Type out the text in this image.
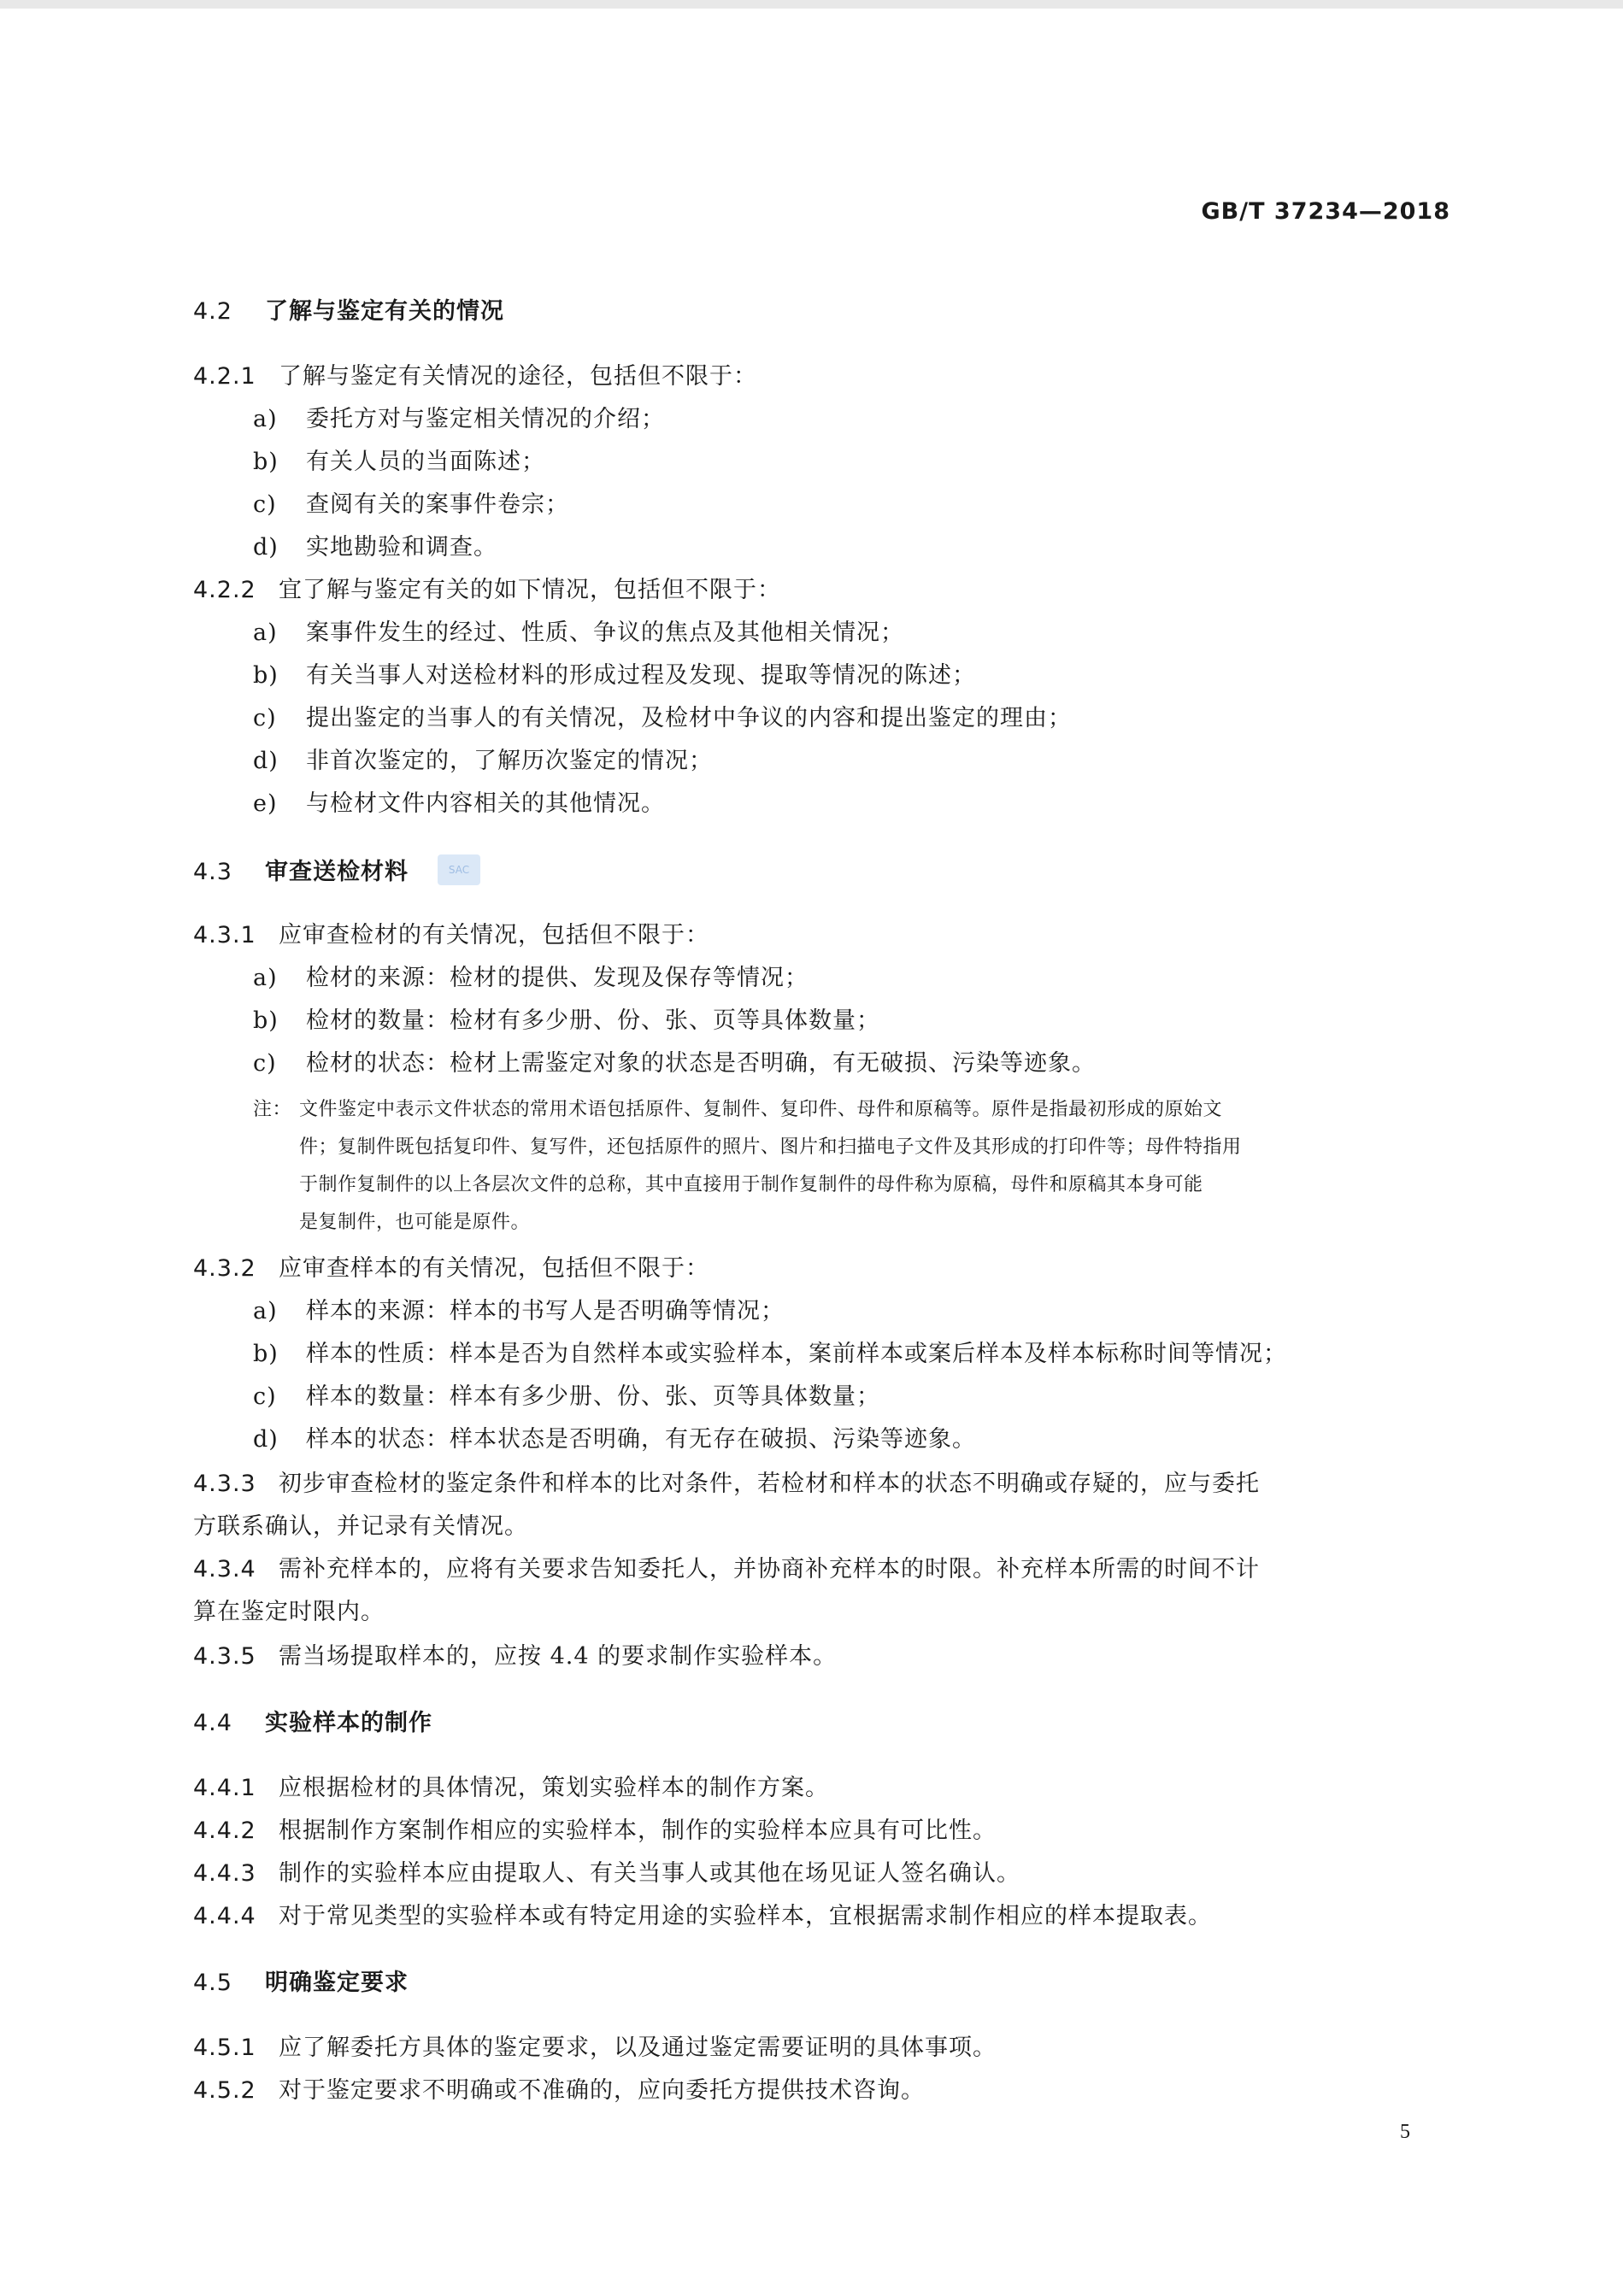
GB/T 37234—2018
4.2 了解与鉴定有关的情况
4.2.1 了解与鉴定有关情况的途径，包括但不限于：
a) 委托方对与鉴定相关情况的介绍；
b) 有关人员的当面陈述；
c) 查阅有关的案事件卷宗；
d) 实地勘验和调查。
4.2.2 宜了解与鉴定有关的如下情况，包括但不限于：
a) 案事件发生的经过、性质、争议的焦点及其他相关情况；
b) 有关当事人对送检材料的形成过程及发现、提取等情况的陈述；
c) 提出鉴定的当事人的有关情况，及检材中争议的内容和提出鉴定的理由；
d) 非首次鉴定的，了解历次鉴定的情况；
e) 与检材文件内容相关的其他情况。
4.3 审查送检材料	SAC
4.3.1 应审查检材的有关情况，包括但不限于：
a) 检材的来源：检材的提供、发现及保存等情况；
b) 检材的数量：检材有多少册、份、张、页等具体数量；
c) 检材的状态：检材上需鉴定对象的状态是否明确，有无破损、污染等迹象。
注： 文件鉴定中表示文件状态的常用术语包括原件、复制件、复印件、母件和原稿等。原件是指最初形成的原始文
件；复制件既包括复印件、复写件，还包括原件的照片、图片和扫描电子文件及其形成的打印件等；母件特指用
于制作复制件的以上各层次文件的总称，其中直接用于制作复制件的母件称为原稿，母件和原稿其本身可能
是复制件，也可能是原件。
4.3.2 应审查样本的有关情况，包括但不限于：
a) 样本的来源：样本的书写人是否明确等情况；
b) 样本的性质：样本是否为自然样本或实验样本，案前样本或案后样本及样本标称时间等情况；
c) 样本的数量：样本有多少册、份、张、页等具体数量；
d) 样本的状态：样本状态是否明确，有无存在破损、污染等迹象。
4.3.3 初步审查检材的鉴定条件和样本的比对条件，若检材和样本的状态不明确或存疑的，应与委托
方联系确认，并记录有关情况。
4.3.4 需补充样本的，应将有关要求告知委托人，并协商补充样本的时限。补充样本所需的时间不计
算在鉴定时限内。
4.3.5 需当场提取样本的，应按 4.4 的要求制作实验样本。
4.4 实验样本的制作
4.4.1 应根据检材的具体情况，策划实验样本的制作方案。
4.4.2 根据制作方案制作相应的实验样本，制作的实验样本应具有可比性。
4.4.3 制作的实验样本应由提取人、有关当事人或其他在场见证人签名确认。
4.4.4 对于常见类型的实验样本或有特定用途的实验样本，宜根据需求制作相应的样本提取表。
4.5 明确鉴定要求
4.5.1 应了解委托方具体的鉴定要求，以及通过鉴定需要证明的具体事项。
4.5.2 对于鉴定要求不明确或不准确的，应向委托方提供技术咨询。
5
